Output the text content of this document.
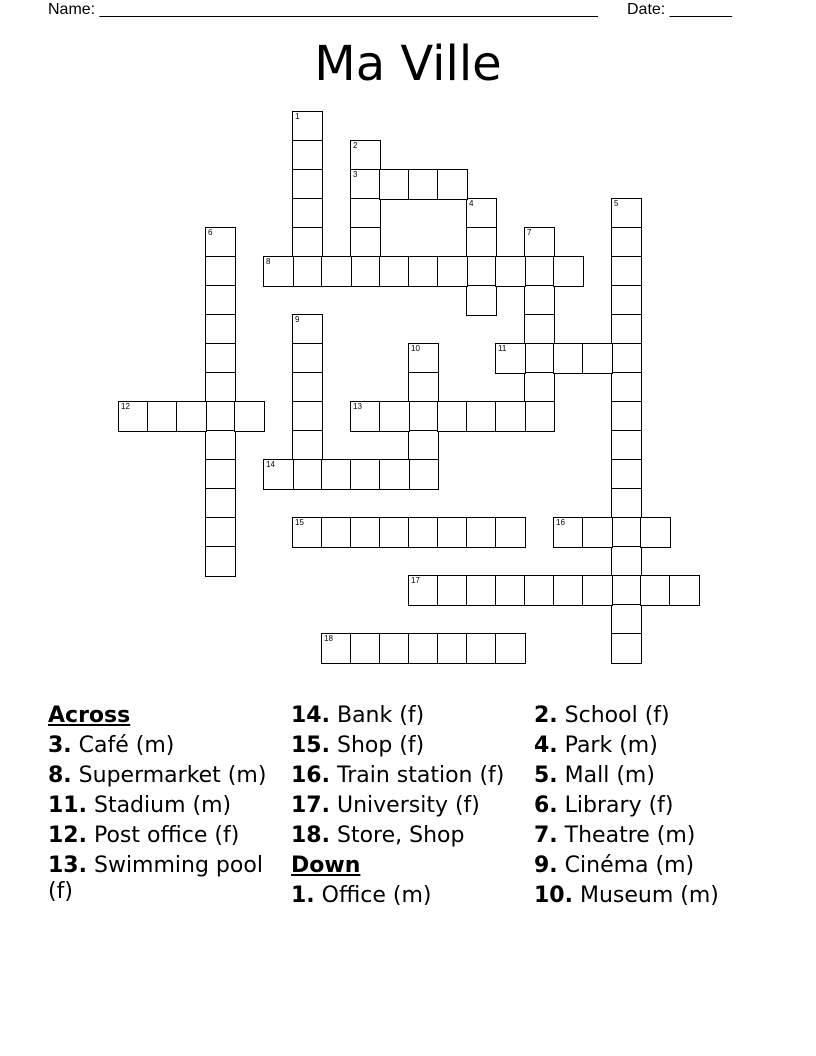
Name: ________________________________________________________ Date: _______
Ma Ville
1
2
3
4	5
6	7
8
9
10	11
12	13
14
15	16
17
18
Across
3. Café (m)
8. Supermarket (m)
11. Stadium (m)
12. Post office (f)
13. Swimming pool (f)
14. Bank (f)
15. Shop (f)
16. Train station (f)
17. University (f)
18. Store, Shop
Down
1. Office (m)
2. School (f)
4. Park (m)
5. Mall (m)
6. Library (f)
7. Theatre (m)
9. Cinéma (m)
10. Museum (m)
